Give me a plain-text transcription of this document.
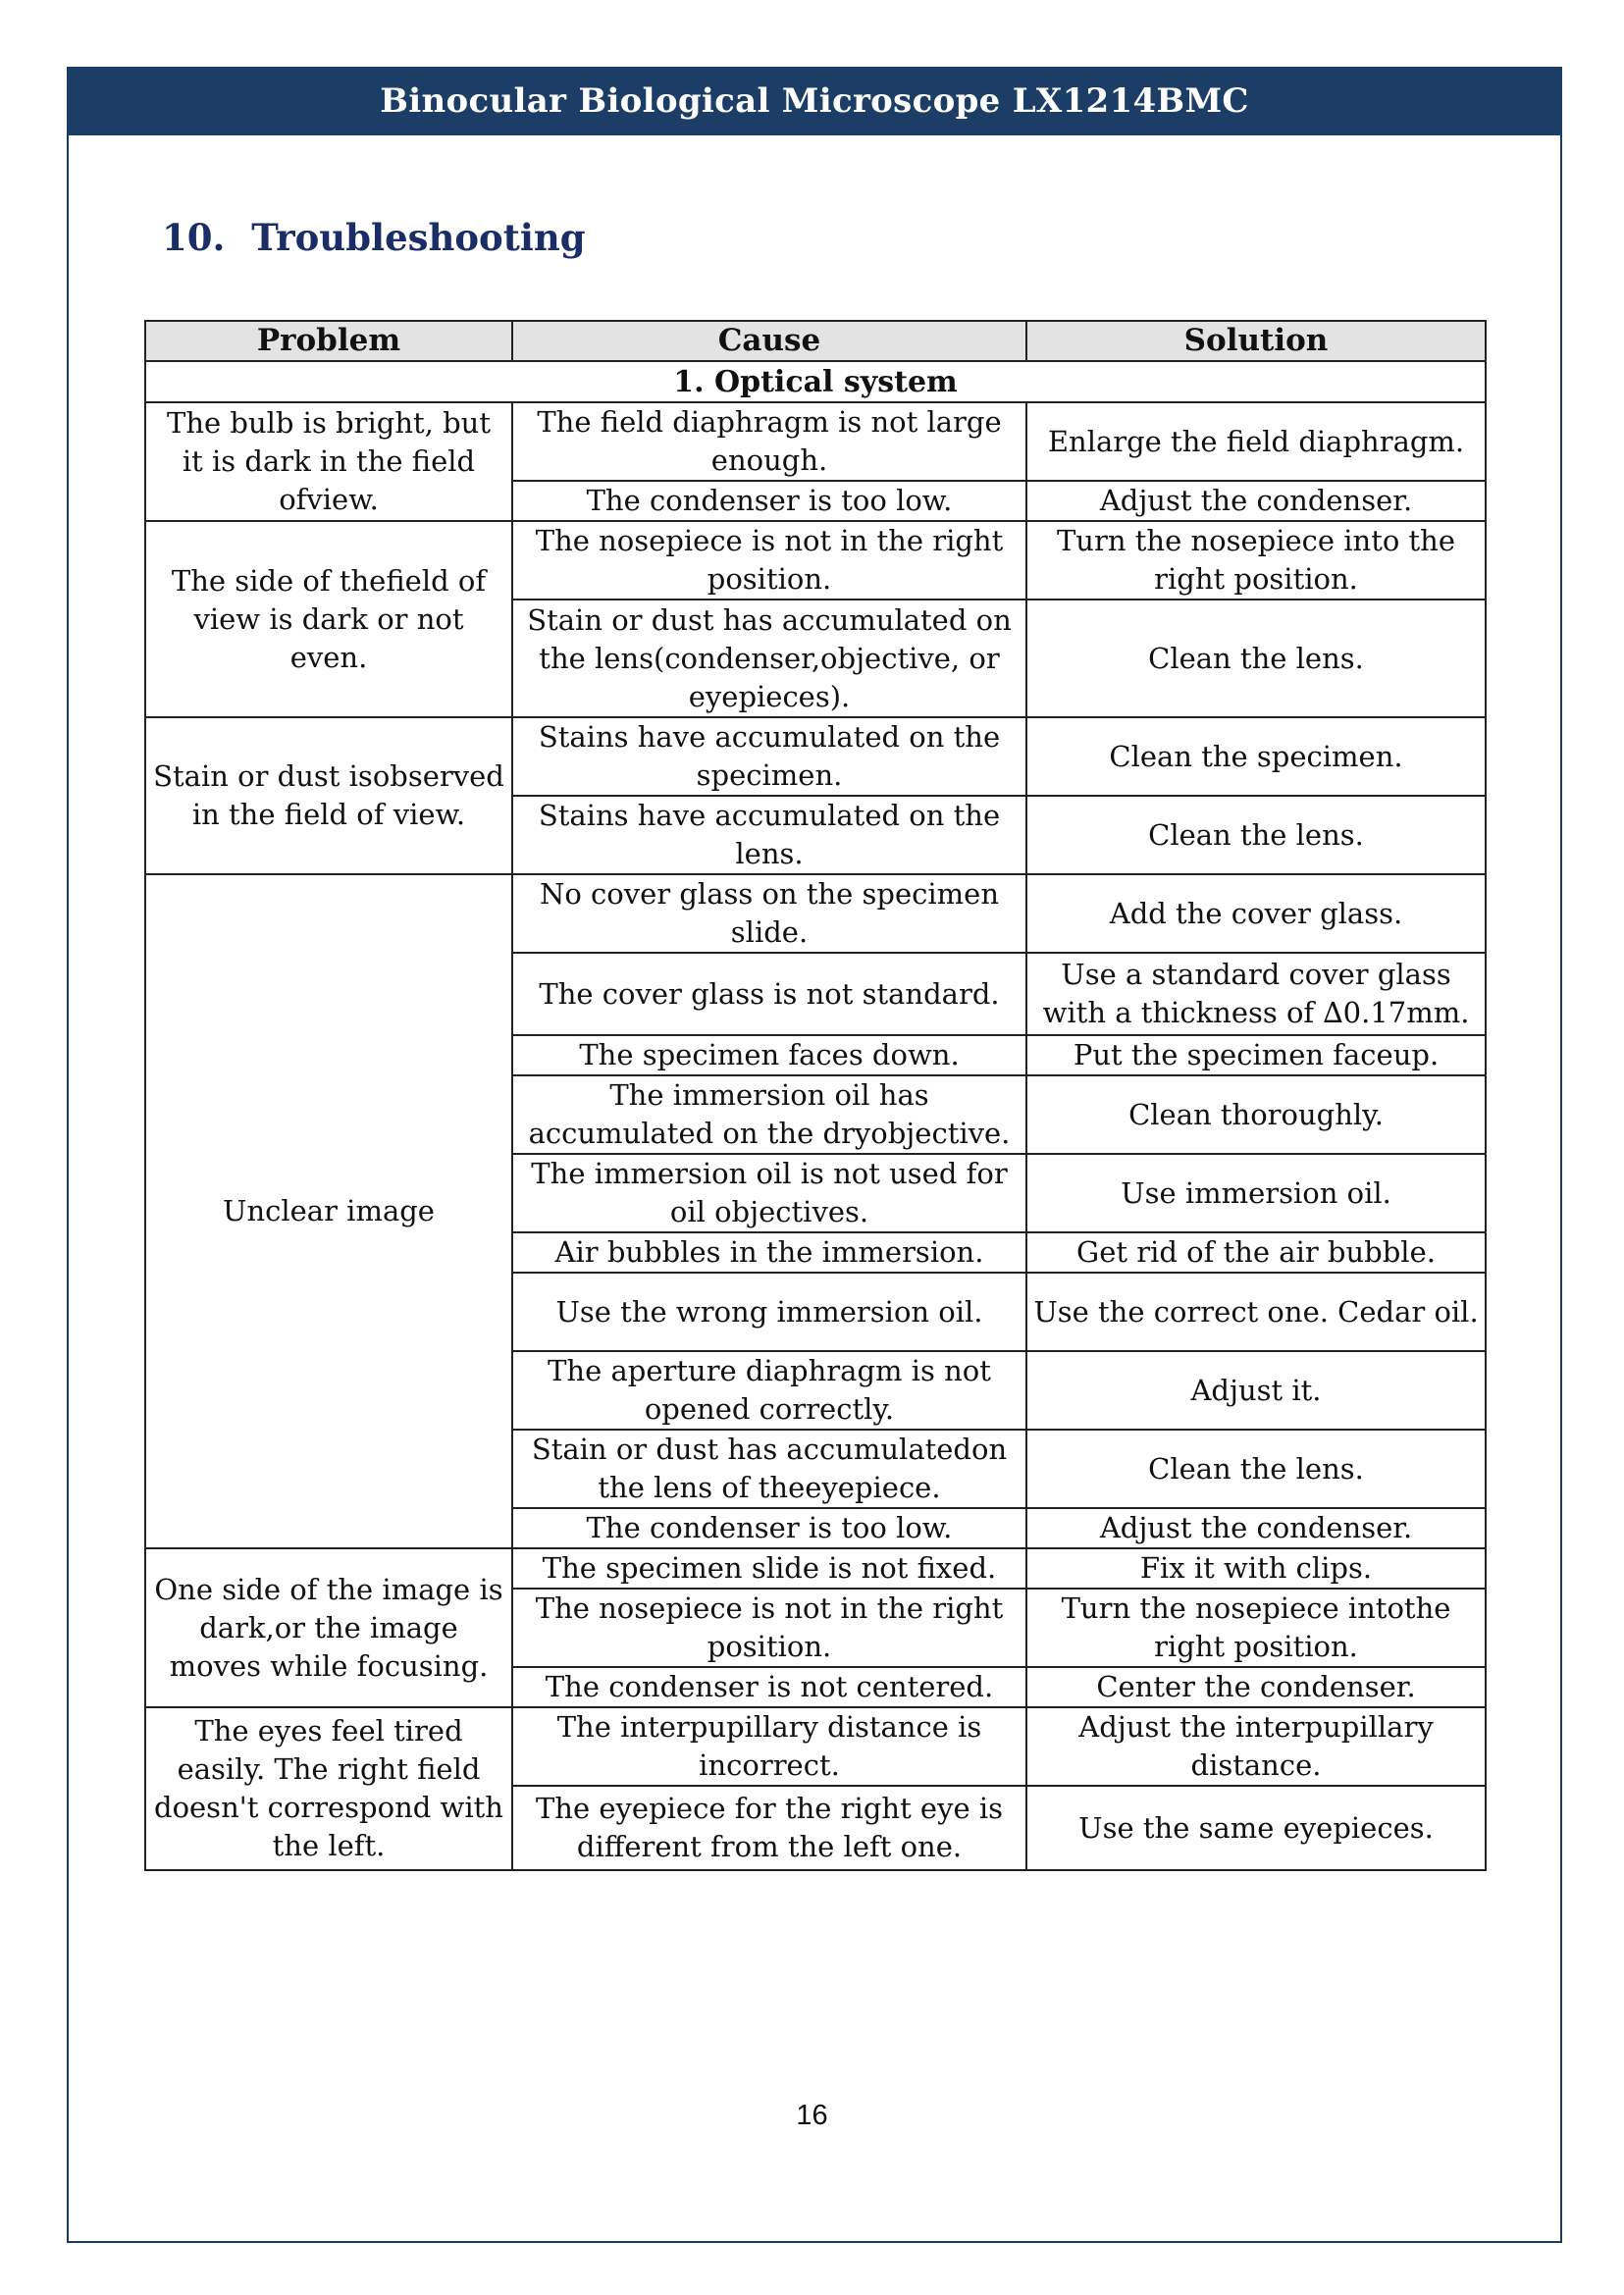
Binocular Biological Microscope LX1214BMC
10. Troubleshooting
Problem	Cause	Solution
1. Optical system		
The bulb is bright, but it is dark in the field ofview.	The field diaphragm is not large enough.	Enlarge the field diaphragm.
	The condenser is too low.	Adjust the condenser.
The side of thefield of view is dark or not even.	The nosepiece is not in the right position.	Turn the nosepiece into the right position.
	Stain or dust has accumulated on the lens(condenser,objective, or eyepieces).	Clean the lens.
Stain or dust isobserved in the field of view.	Stains have accumulated on the specimen.	Clean the specimen.
	Stains have accumulated on the lens.	Clean the lens.
Unclear image	No cover glass on the specimen slide.	Add the cover glass.
	The cover glass is not standard.	Use a standard cover glass with a thickness of ∆0.17mm.
	The specimen faces down.	Put the specimen faceup.
	The immersion oil has accumulated on the dryobjective.	Clean thoroughly.
	The immersion oil is not used for oil objectives.	Use immersion oil.
	Air bubbles in the immersion.	Get rid of the air bubble.
	Use the wrong immersion oil.	Use the correct one. Cedar oil.
	The aperture diaphragm is not opened correctly.	Adjust it.
	Stain or dust has accumulatedon the lens of theeyepiece.	Clean the lens.
	The condenser is too low.	Adjust the condenser.
One side of the image is dark,or the image moves while focusing.	The specimen slide is not fixed.	Fix it with clips.
	The nosepiece is not in the right position.	Turn the nosepiece intothe right position.
	The condenser is not centered.	Center the condenser.
The eyes feel tired easily. The right field doesn't correspond with the left.	The interpupillary distance is incorrect.	Adjust the interpupillary distance.
	The eyepiece for the right eye is different from the left one.	Use the same eyepieces.
16
